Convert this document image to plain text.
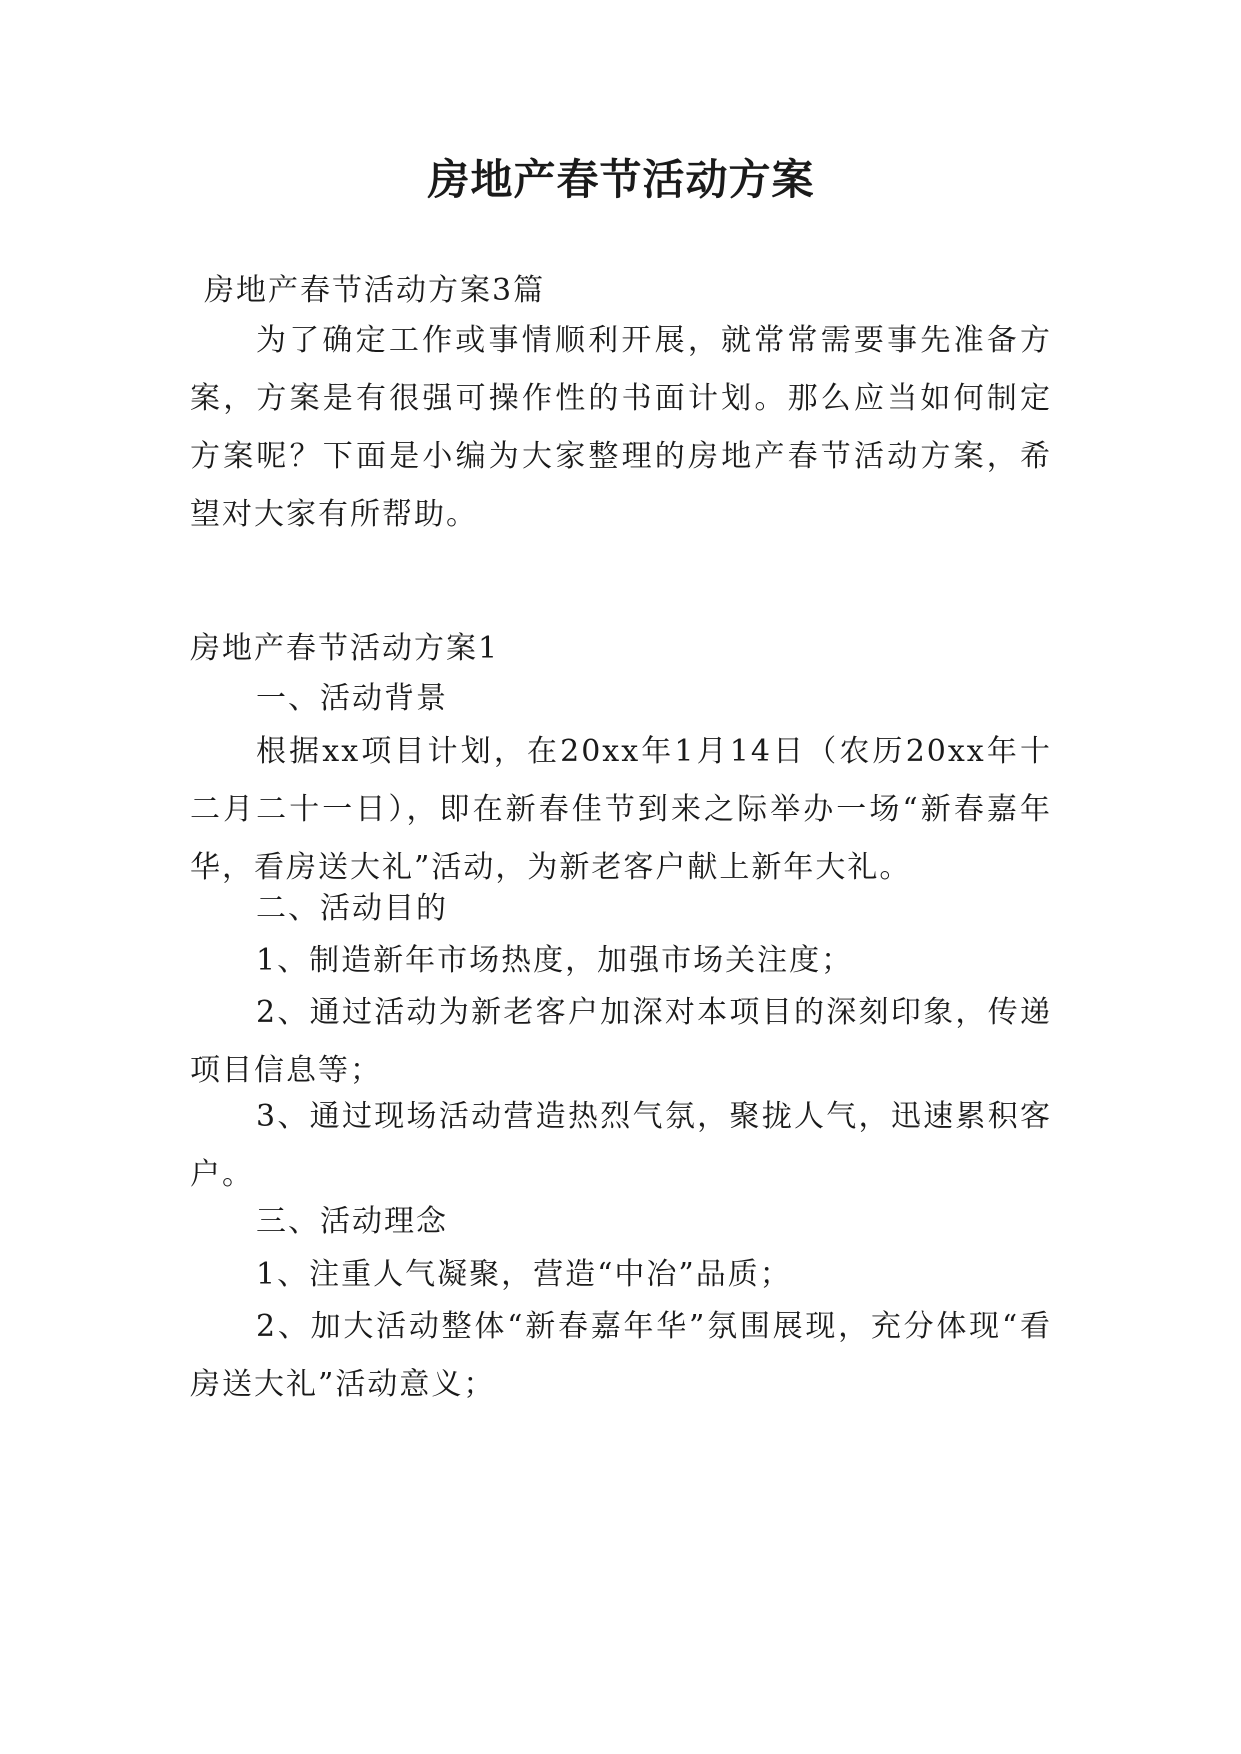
房地产春节活动方案

房地产春节活动方案3篇

为了确定工作或事情顺利开展，就常常需要事先准备方案，方案是有很强可操作性的书面计划。那么应当如何制定方案呢？下面是小编为大家整理的房地产春节活动方案，希望对大家有所帮助。

房地产春节活动方案1

一、活动背景

根据xx项目计划，在20xx年1月14日（农历20xx年十二月二十一日），即在新春佳节到来之际举办一场“新春嘉年华，看房送大礼”活动，为新老客户献上新年大礼。

二、活动目的

1、制造新年市场热度，加强市场关注度；

2、通过活动为新老客户加深对本项目的深刻印象，传递项目信息等；

3、通过现场活动营造热烈气氛，聚拢人气，迅速累积客户。

三、活动理念

1、注重人气凝聚，营造“中冶”品质；

2、加大活动整体“新春嘉年华”氛围展现，充分体现“看房送大礼”活动意义；
